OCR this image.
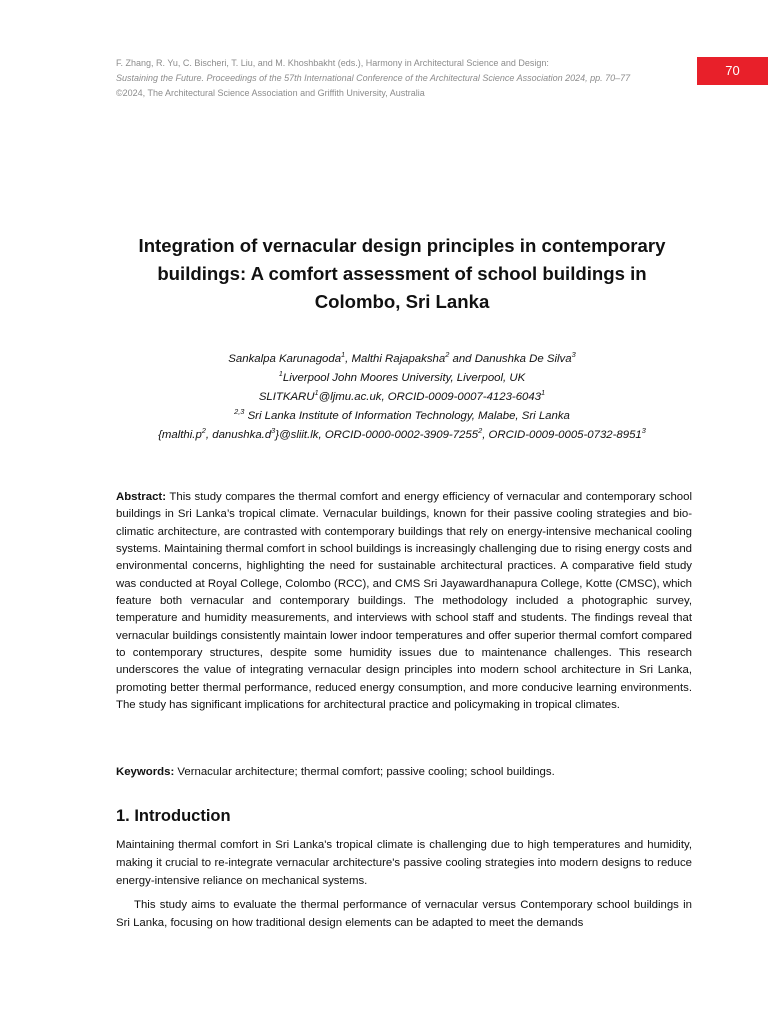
F. Zhang, R. Yu, C. Bischeri, T. Liu, and M. Khoshbakht (eds.), Harmony in Architectural Science and Design:
Sustaining the Future. Proceedings of the 57th International Conference of the Architectural Science Association 2024, pp. 70–77
©2024, The Architectural Science Association and Griffith University, Australia
70
Integration of vernacular design principles in contemporary
buildings: A comfort assessment of school buildings in
Colombo, Sri Lanka
Sankalpa Karunagoda$^1$, Malthi Rajapaksha$^2$ and Danushka De Silva$^3$
$^1$Liverpool John Moores University, Liverpool, UK
SLITKARU$^1$@ljmu.ac.uk, ORCID-0009-0007-4123-6043$^1$
$^{2,3}$ Sri Lanka Institute of Information Technology, Malabe, Sri Lanka
{$malthi.p^2$, $danushka.d^3\}@sliit.lk$, ORCID-0000-0002-3909-7255$^2$, ORCID-0009-0005-0732-8951$^3$
Abstract: This study compares the thermal comfort and energy efficiency of vernacular and contemporary school buildings in Sri Lanka’s tropical climate. Vernacular buildings, known for their passive cooling strategies and bio-climatic architecture, are contrasted with contemporary buildings that rely on energy-intensive mechanical cooling systems. Maintaining thermal comfort in school buildings is increasingly challenging due to rising energy costs and environmental concerns, highlighting the need for sustainable architectural practices. A comparative field study was conducted at Royal College, Colombo (RCC), and CMS Sri Jayawardhanapura College, Kotte (CMSC), which feature both vernacular and contemporary buildings. The methodology included a photographic survey, temperature and humidity measurements, and interviews with school staff and students. The findings reveal that vernacular buildings consistently maintain lower indoor temperatures and offer superior thermal comfort compared to contemporary structures, despite some humidity issues due to maintenance challenges. This research underscores the value of integrating vernacular design principles into modern school architecture in Sri Lanka, promoting better thermal performance, reduced energy consumption, and more conducive learning environments. The study has significant implications for architectural practice and policymaking in tropical climates.
Keywords: Vernacular architecture; thermal comfort; passive cooling; school buildings.
1. Introduction
Maintaining thermal comfort in Sri Lanka's tropical climate is challenging due to high temperatures and humidity, making it crucial to re-integrate vernacular architecture's passive cooling strategies into modern designs to reduce energy-intensive reliance on mechanical systems.
This study aims to evaluate the thermal performance of vernacular versus Contemporary school buildings in Sri Lanka, focusing on how traditional design elements can be adapted to meet the demands
